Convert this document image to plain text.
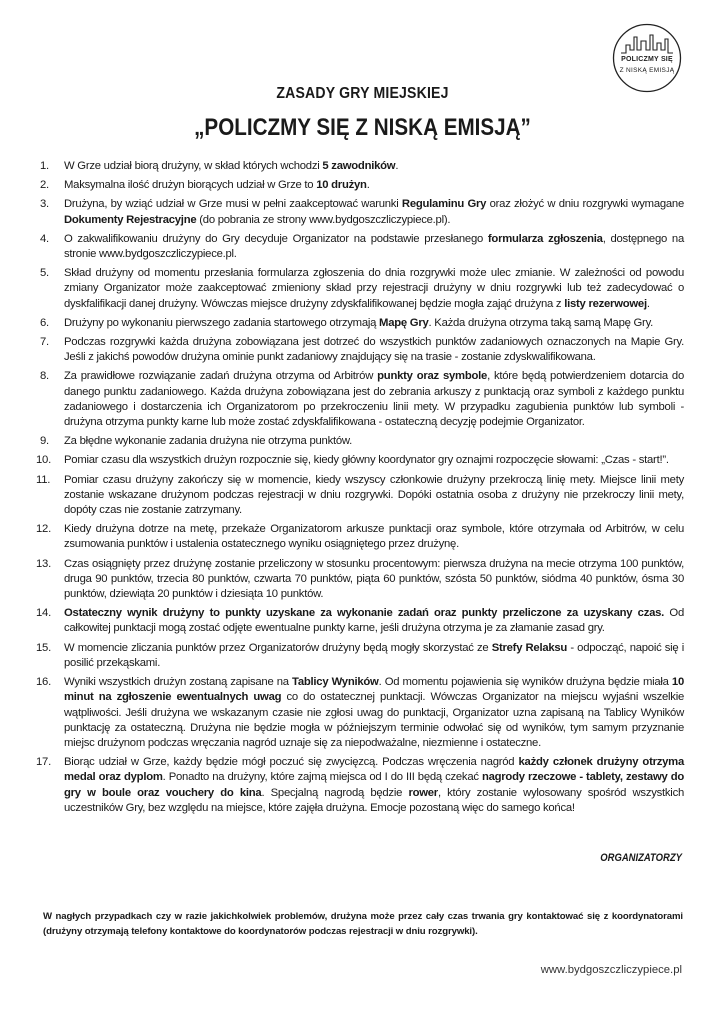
POLICZMY SIĘ
Z NISKĄ EMISJĄ
ZASADY GRY MIEJSKIEJ
„POLICZMY SIĘ Z NISKĄ EMISJĄ”
1. W Grze udział biorą drużyny, w skład których wchodzi 5 zawodników.
2. Maksymalna ilość drużyn biorących udział w Grze to 10 drużyn.
3. Drużyna, by wziąć udział w Grze musi w pełni zaakceptować warunki Regulaminu Gry oraz złożyć w dniu rozgrywki wymagane Dokumenty Rejestracyjne (do pobrania ze strony www.bydgoszczliczypiece.pl).
4. O zakwalifikowaniu drużyny do Gry decyduje Organizator na podstawie przesłanego formularza zgłoszenia, dostępnego na stronie www.bydgoszczliczypiece.pl.
5. Skład drużyny od momentu przesłania formularza zgłoszenia do dnia rozgrywki może ulec zmianie. W zależności od powodu zmiany Organizator może zaakceptować zmieniony skład przy rejestracji drużyny w dniu rozgrywki lub też zadecydować o dyskfalifikacji danej drużyny. Wówczas miejsce drużyny zdyskfalifikowanej będzie mogła zająć drużyna z listy rezerwowej.
6. Drużyny po wykonaniu pierwszego zadania startowego otrzymają Mapę Gry. Każda drużyna otrzyma taką samą Mapę Gry.
7. Podczas rozgrywki każda drużyna zobowiązana jest dotrzeć do wszystkich punktów zadaniowych oznaczonych na Mapie Gry. Jeśli z jakichś powodów drużyna ominie punkt zadaniowy znajdujący się na trasie - zostanie zdyskwalifikowana.
8. Za prawidłowe rozwiązanie zadań drużyna otrzyma od Arbitrów punkty oraz symbole, które będą potwierdzeniem dotarcia do danego punktu zadaniowego. Każda drużyna zobowiązana jest do zebrania arkuszy z punktacją oraz symboli z każdego punktu zadaniowego i dostarczenia ich Organizatorom po przekroczeniu linii mety. W przypadku zagubienia punktów lub symboli - drużyna otrzyma punkty karne lub może zostać zdyskfalifikowana - ostateczną decyzję podejmie Organizator.
9. Za błędne wykonanie zadania drużyna nie otrzyma punktów.
10. Pomiar czasu dla wszystkich drużyn rozpocznie się, kiedy główny koordynator gry oznajmi rozpoczęcie słowami: „Czas - start!”.
11. Pomiar czasu drużyny zakończy się w momencie, kiedy wszyscy członkowie drużyny przekroczą linię mety. Miejsce linii mety zostanie wskazane drużynom podczas rejestracji w dniu rozgrywki. Dopóki ostatnia osoba z drużyny nie przekroczy linii mety, dopóty czas nie zostanie zatrzymany.
12. Kiedy drużyna dotrze na metę, przekaże Organizatorom arkusze punktacji oraz symbole, które otrzymała od Arbitrów, w celu zsumowania punktów i ustalenia ostatecznego wyniku osiągniętego przez drużynę.
13. Czas osiągnięty przez drużynę zostanie przeliczony w stosunku procentowym: pierwsza drużyna na mecie otrzyma 100 punktów, druga 90 punktów, trzecia 80 punktów, czwarta 70 punktów, piąta 60 punktów, szósta 50 punktów, siódma 40 punktów, ósma 30 punktów, dziewiąta 20 punktów i dziesiąta 10 punktów.
14. Ostateczny wynik drużyny to punkty uzyskane za wykonanie zadań oraz punkty przeliczone za uzyskany czas. Od całkowitej punktacji mogą zostać odjęte ewentualne punkty karne, jeśli drużyna otrzyma je za złamanie zasad gry.
15. W momencie zliczania punktów przez Organizatorów drużyny będą mogły skorzystać ze Strefy Relaksu - odpocząć, napoić się i posilić przekąskami.
16. Wyniki wszystkich drużyn zostaną zapisane na Tablicy Wyników. Od momentu pojawienia się wyników drużyna będzie miała 10 minut na zgłoszenie ewentualnych uwag co do ostatecznej punktacji. Wówczas Organizator na miejscu wyjaśni wszelkie wątpliwości. Jeśli drużyna we wskazanym czasie nie zgłosi uwag do punktacji, Organizator uzna zapisaną na Tablicy Wyników punktację za ostateczną. Drużyna nie będzie mogła w późniejszym terminie odwołać się od wyników, tym samym przyznanie miejsc drużynom podczas wręczania nagród uznaje się za niepodważalne, niezmienne i ostateczne.
17. Biorąc udział w Grze, każdy będzie mógł poczuć się zwycięzcą. Podczas wręczenia nagród każdy członek drużyny otrzyma medal oraz dyplom. Ponadto na drużyny, które zajmą miejsca od I do III będą czekać nagrody rzeczowe - tablety, zestawy do gry w boule oraz vouchery do kina. Specjalną nagrodą będzie rower, który zostanie wylosowany spośród wszystkich uczestników Gry, bez względu na miejsce, które zajęła drużyna. Emocje pozostaną więc do samego końca!
ORGANIZATORZY
W nagłych przypadkach czy w razie jakichkolwiek problemów, drużyna może przez cały czas trwania gry kontaktować się z koordynatorami (drużyny otrzymają telefony kontaktowe do koordynatorów podczas rejestracji w dniu rozgrywki).
www.bydgoszczliczypiece.pl
